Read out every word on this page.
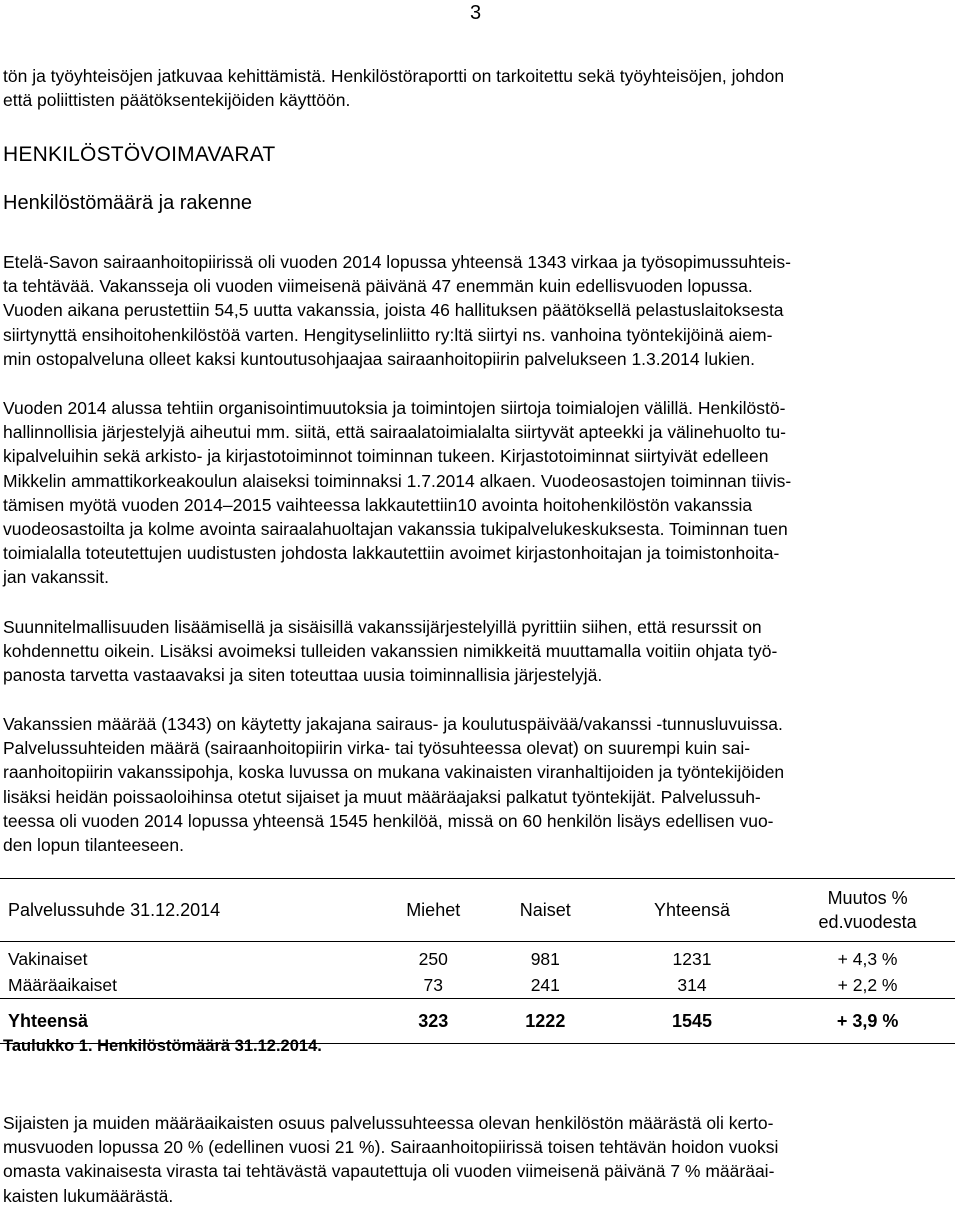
3
tön ja työyhteisöjen jatkuvaa kehittämistä. Henkilöstöraportti on tarkoitettu sekä työyhteisöjen, johdon
että poliittisten päätöksentekijöiden käyttöön.
HENKILÖSTÖVOIMAVARAT
Henkilöstömäärä ja rakenne
Etelä-Savon sairaanhoitopiirissä oli vuoden 2014 lopussa yhteensä 1343 virkaa ja työsopimussuhteis-
ta tehtävää. Vakansseja oli vuoden viimeisenä päivänä 47 enemmän kuin edellisvuoden lopussa.
Vuoden aikana perustettiin 54,5 uutta vakanssia, joista 46 hallituksen päätöksellä pelastuslaitoksesta
siirtynyttä ensihoitohenkilöstöä varten. Hengityselinliitto ry:ltä siirtyi ns. vanhoina työntekijöinä aiem-
min ostopalveluna olleet kaksi kuntoutusohjaajaa sairaanhoitopiirin palvelukseen 1.3.2014 lukien.
Vuoden 2014 alussa tehtiin organisointimuutoksia ja toimintojen siirtoja toimialojen välillä. Henkilöstö-
hallinnollisia järjestelyjä aiheutui mm. siitä, että sairaalatoimialalta siirtyvät apteekki ja välinehuolto tu-
kipalveluihin sekä arkisto- ja kirjastotoiminnot toiminnan tukeen. Kirjastotoiminnat siirtyivät edelleen
Mikkelin ammattikorkeakoulun alaiseksi toiminnaksi 1.7.2014 alkaen. Vuodeosastojen toiminnan tiivis-
tämisen myötä vuoden 2014–2015 vaihteessa lakkautettiin10 avointa hoitohenkilöstön vakanssia
vuodeosastoilta ja kolme avointa sairaalahuoltajan vakanssia tukipalvelukeskuksesta. Toiminnan tuen
toimialalla toteutettujen uudistusten johdosta lakkautettiin avoimet kirjastonhoitajan ja toimistonhoita-
jan vakanssit.
Suunnitelmallisuuden lisäämisellä ja sisäisillä vakanssijärjestelyillä pyrittiin siihen, että resurssit on
kohdennettu oikein. Lisäksi avoimeksi tulleiden vakanssien nimikkeitä muuttamalla voitiin ohjata työ-
panosta tarvetta vastaavaksi ja siten toteuttaa uusia toiminnallisia järjestelyjä.
Vakanssien määrää (1343) on käytetty jakajana sairaus- ja koulutuspäivää/vakanssi -tunnusluvuissa.
Palvelussuhteiden määrä (sairaanhoitopiirin virka- tai työsuhteessa olevat) on suurempi kuin sai-
raanhoitopiirin vakanssipohja, koska luvussa on mukana vakinaisten viranhaltijoiden ja työntekijöiden
lisäksi heidän poissaoloihinsa otetut sijaiset ja muut määräajaksi palkatut työntekijät. Palvelussuh-
teessa oli vuoden 2014 lopussa yhteensä 1545 henkilöä, missä on 60 henkilön lisäys edellisen vuo-
den lopun tilanteeseen.
Palvelussuhde 31.12.2014	Miehet	Naiset	Yhteensä	Muutos %
ed.vuodesta

Vakinaiset	250	981	1231	+ 4,3 %
Määräaikaiset	73	241	314	+ 2,2 %
Yhteensä	323	1222	1545	+ 3,9 %
Taulukko 1. Henkilöstömäärä 31.12.2014.
Sijaisten ja muiden määräaikaisten osuus palvelussuhteessa olevan henkilöstön määrästä oli kerto-
musvuoden lopussa 20 % (edellinen vuosi 21 %). Sairaanhoitopiirissä toisen tehtävän hoidon vuoksi
omasta vakinaisesta virasta tai tehtävästä vapautettuja oli vuoden viimeisenä päivänä 7 % määräai-
kaisten lukumäärästä.
